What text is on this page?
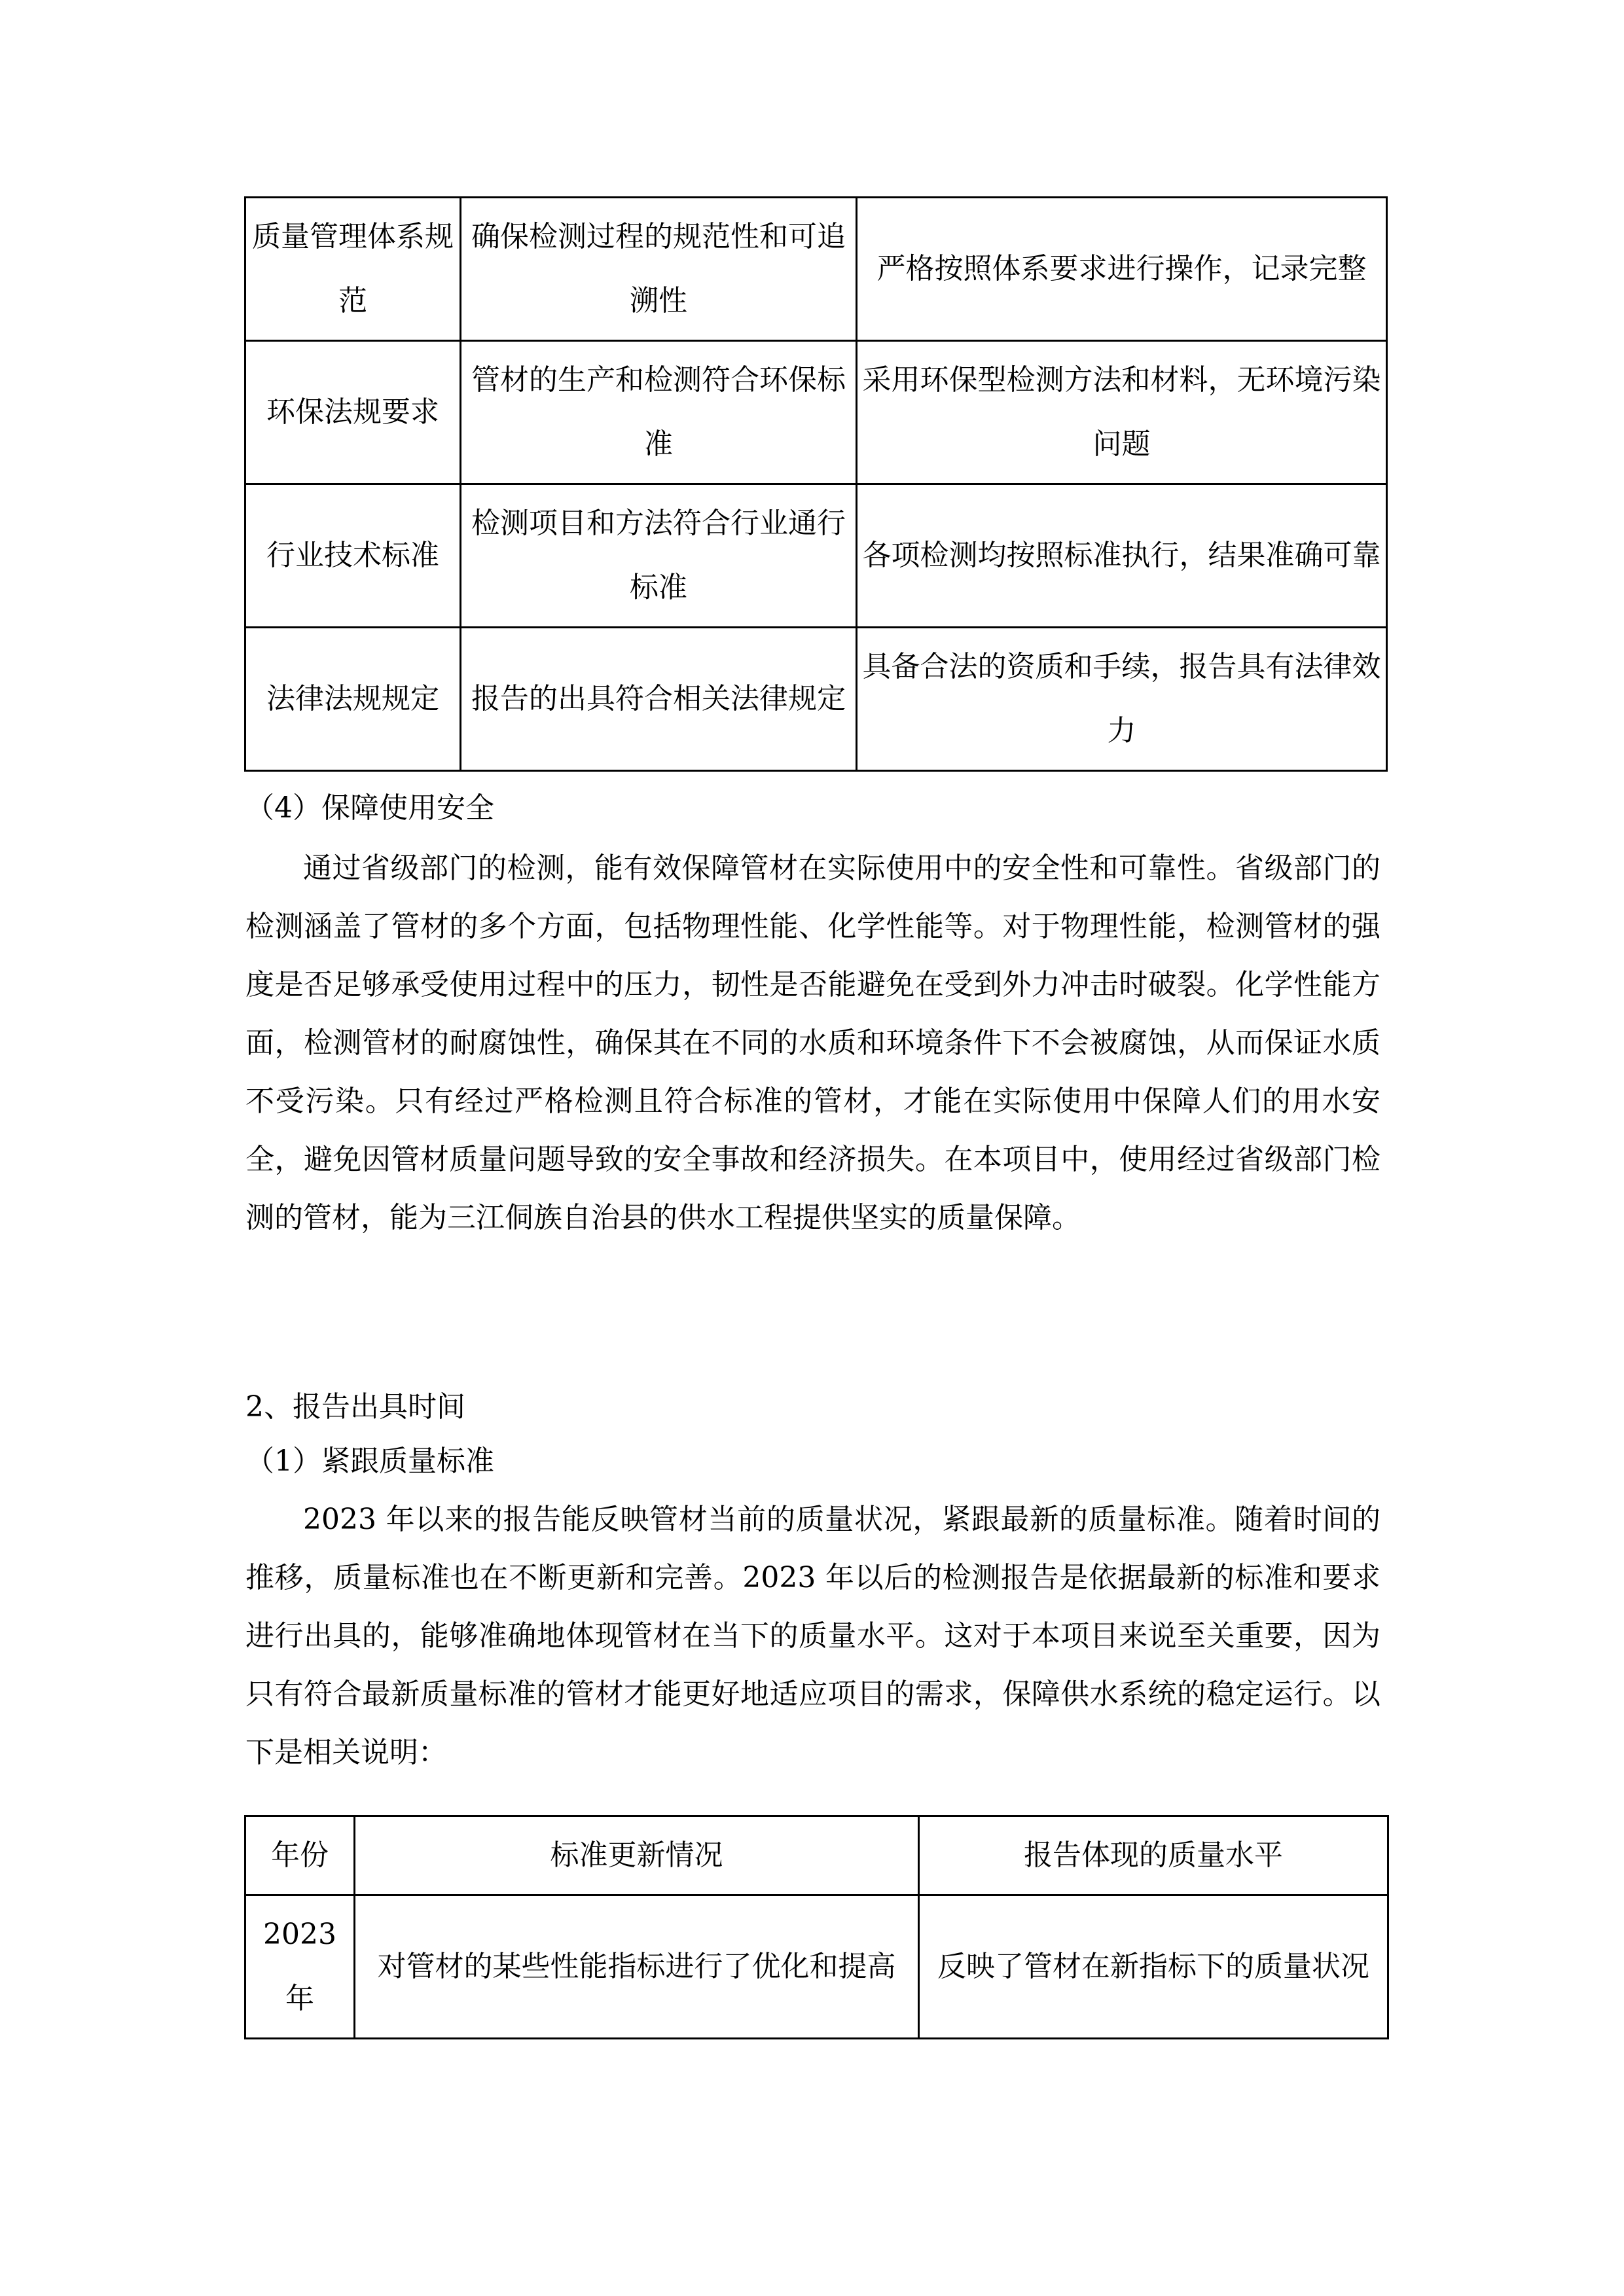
质量管理体系规范	确保检测过程的规范性和可追溯性	严格按照体系要求进行操作，记录完整
环保法规要求	管材的生产和检测符合环保标准	采用环保型检测方法和材料，无环境污染问题
行业技术标准	检测项目和方法符合行业通行标准	各项检测均按照标准执行，结果准确可靠
法律法规规定	报告的出具符合相关法律规定	具备合法的资质和手续，报告具有法律效力
（4）保障使用安全

通过省级部门的检测，能有效保障管材在实际使用中的安全性和可靠性。省级部门的检测涵盖了管材的多个方面，包括物理性能、化学性能等。对于物理性能，检测管材的强度是否足够承受使用过程中的压力，韧性是否能避免在受到外力冲击时破裂。化学性能方面，检测管材的耐腐蚀性，确保其在不同的水质和环境条件下不会被腐蚀，从而保证水质不受污染。只有经过严格检测且符合标准的管材，才能在实际使用中保障人们的用水安全，避免因管材质量问题导致的安全事故和经济损失。在本项目中，使用经过省级部门检测的管材，能为三江侗族自治县的供水工程提供坚实的质量保障。

2、报告出具时间
（1）紧跟质量标准

2023 年以来的报告能反映管材当前的质量状况，紧跟最新的质量标准。随着时间的推移，质量标准也在不断更新和完善。2023 年以后的检测报告是依据最新的标准和要求进行出具的，能够准确地体现管材在当下的质量水平。这对于本项目来说至关重要，因为只有符合最新质量标准的管材才能更好地适应项目的需求，保障供水系统的稳定运行。以下是相关说明：

年份	标准更新情况	报告体现的质量水平
2023 年	对管材的某些性能指标进行了优化和提高	反映了管材在新指标下的质量状况
